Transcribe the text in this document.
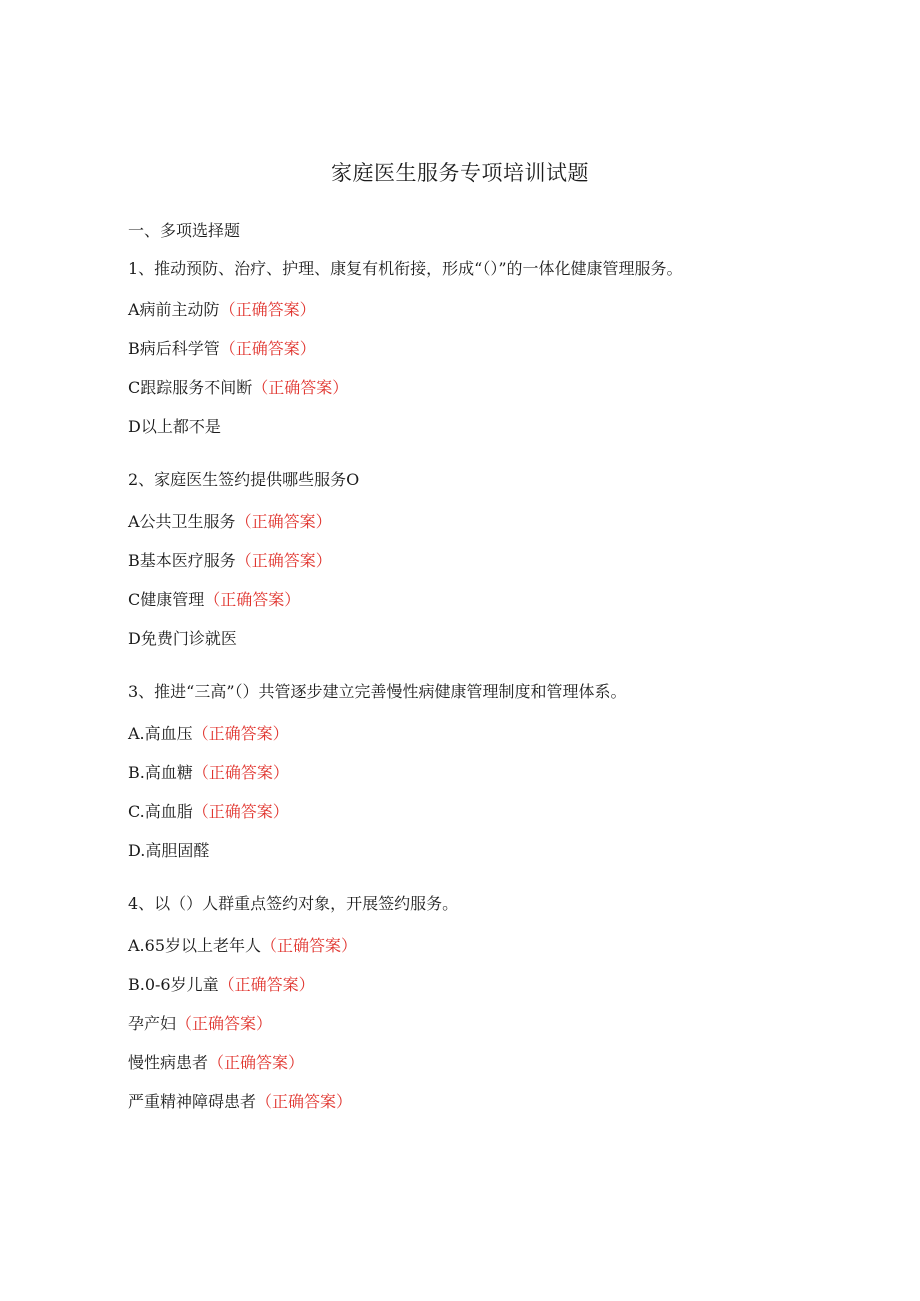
家庭医生服务专项培训试题
一、多项选择题
1、推动预防、治疗、护理、康复有机衔接，形成“（）”的一体化健康管理服务。
A病前主动防（正确答案）
B病后科学管（正确答案）
C跟踪服务不间断（正确答案）
D以上都不是
2、家庭医生签约提供哪些服务O
A公共卫生服务（正确答案）
B基本医疗服务（正确答案）
C健康管理（正确答案）
D免费门诊就医
3、推进“三高”（）共管逐步建立完善慢性病健康管理制度和管理体系。
A.高血压（正确答案）
B.高血糖（正确答案）
C.高血脂（正确答案）
D.高胆固醛
4、以（）人群重点签约对象，开展签约服务。
A.65岁以上老年人（正确答案）
B.0-6岁儿童（正确答案）
孕产妇（正确答案）
慢性病患者（正确答案）
严重精神障碍患者（正确答案）
